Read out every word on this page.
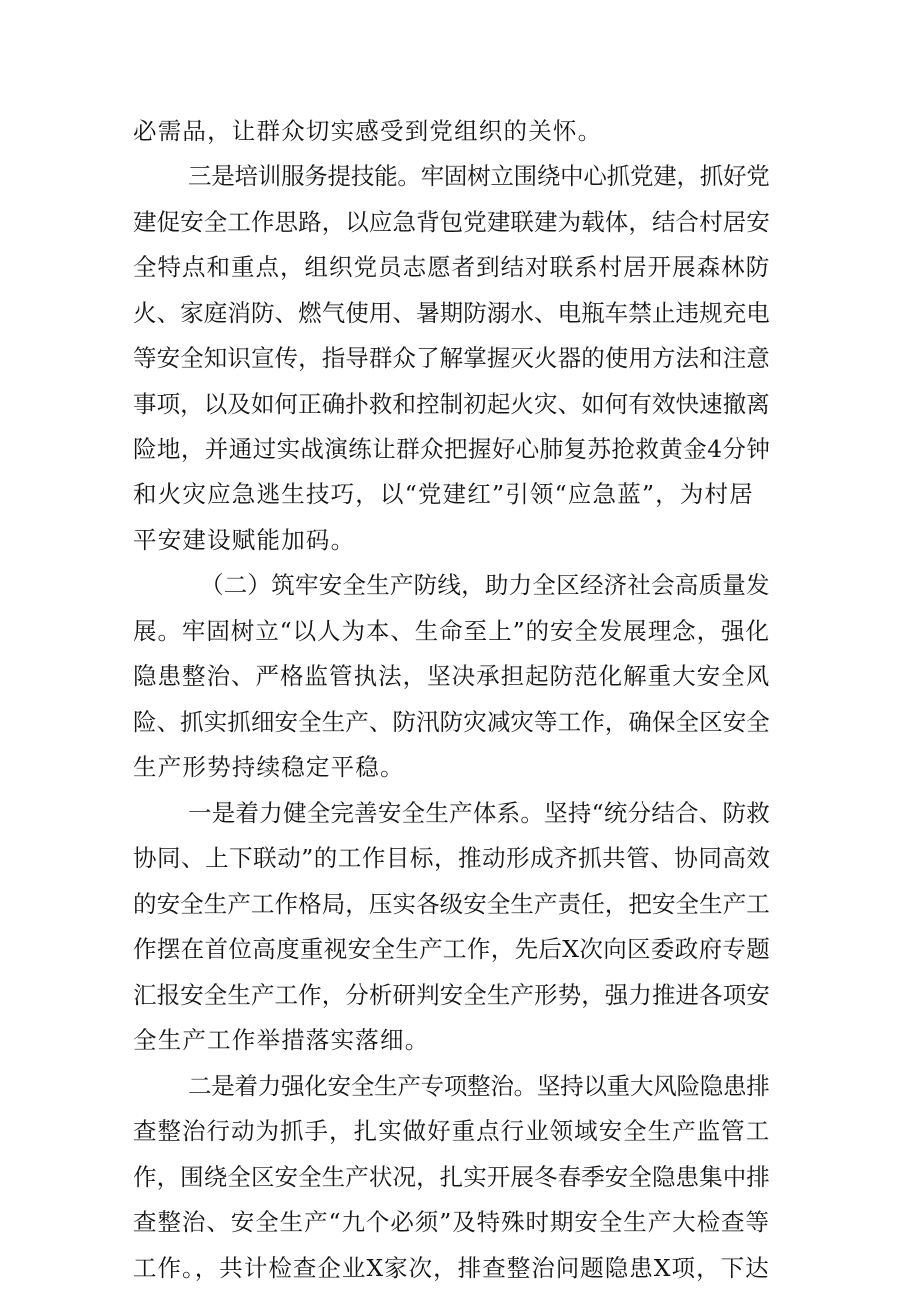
必需品，让群众切实感受到党组织的关怀。
三是培训服务提技能。牢固树立围绕中心抓党建，抓好党
建促安全工作思路，以应急背包党建联建为载体，结合村居安
全特点和重点，组织党员志愿者到结对联系村居开展森林防
火、家庭消防、燃气使用、暑期防溺水、电瓶车禁止违规充电
等安全知识宣传，指导群众了解掌握灭火器的使用方法和注意
事项，以及如何正确扑救和控制初起火灾、如何有效快速撤离
险地，并通过实战演练让群众把握好心肺复苏抢救黄金4分钟
和火灾应急逃生技巧，以“党建红”引领“应急蓝”，为村居
平安建设赋能加码。
（二）筑牢安全生产防线，助力全区经济社会高质量发
展。牢固树立“以人为本、生命至上”的安全发展理念，强化
隐患整治、严格监管执法，坚决承担起防范化解重大安全风
险、抓实抓细安全生产、防汛防灾减灾等工作，确保全区安全
生产形势持续稳定平稳。
一是着力健全完善安全生产体系。坚持“统分结合、防救
协同、上下联动”的工作目标，推动形成齐抓共管、协同高效
的安全生产工作格局，压实各级安全生产责任，把安全生产工
作摆在首位高度重视安全生产工作，先后X次向区委政府专题
汇报安全生产工作，分析研判安全生产形势，强力推进各项安
全生产工作举措落实落细。
二是着力强化安全生产专项整治。坚持以重大风险隐患排
查整治行动为抓手，扎实做好重点行业领域安全生产监管工
作，围绕全区安全生产状况，扎实开展冬春季安全隐患集中排
查整治、安全生产“九个必须”及特殊时期安全生产大检查等
工作。，共计检查企业X家次，排查整治问题隐患X项，下达
